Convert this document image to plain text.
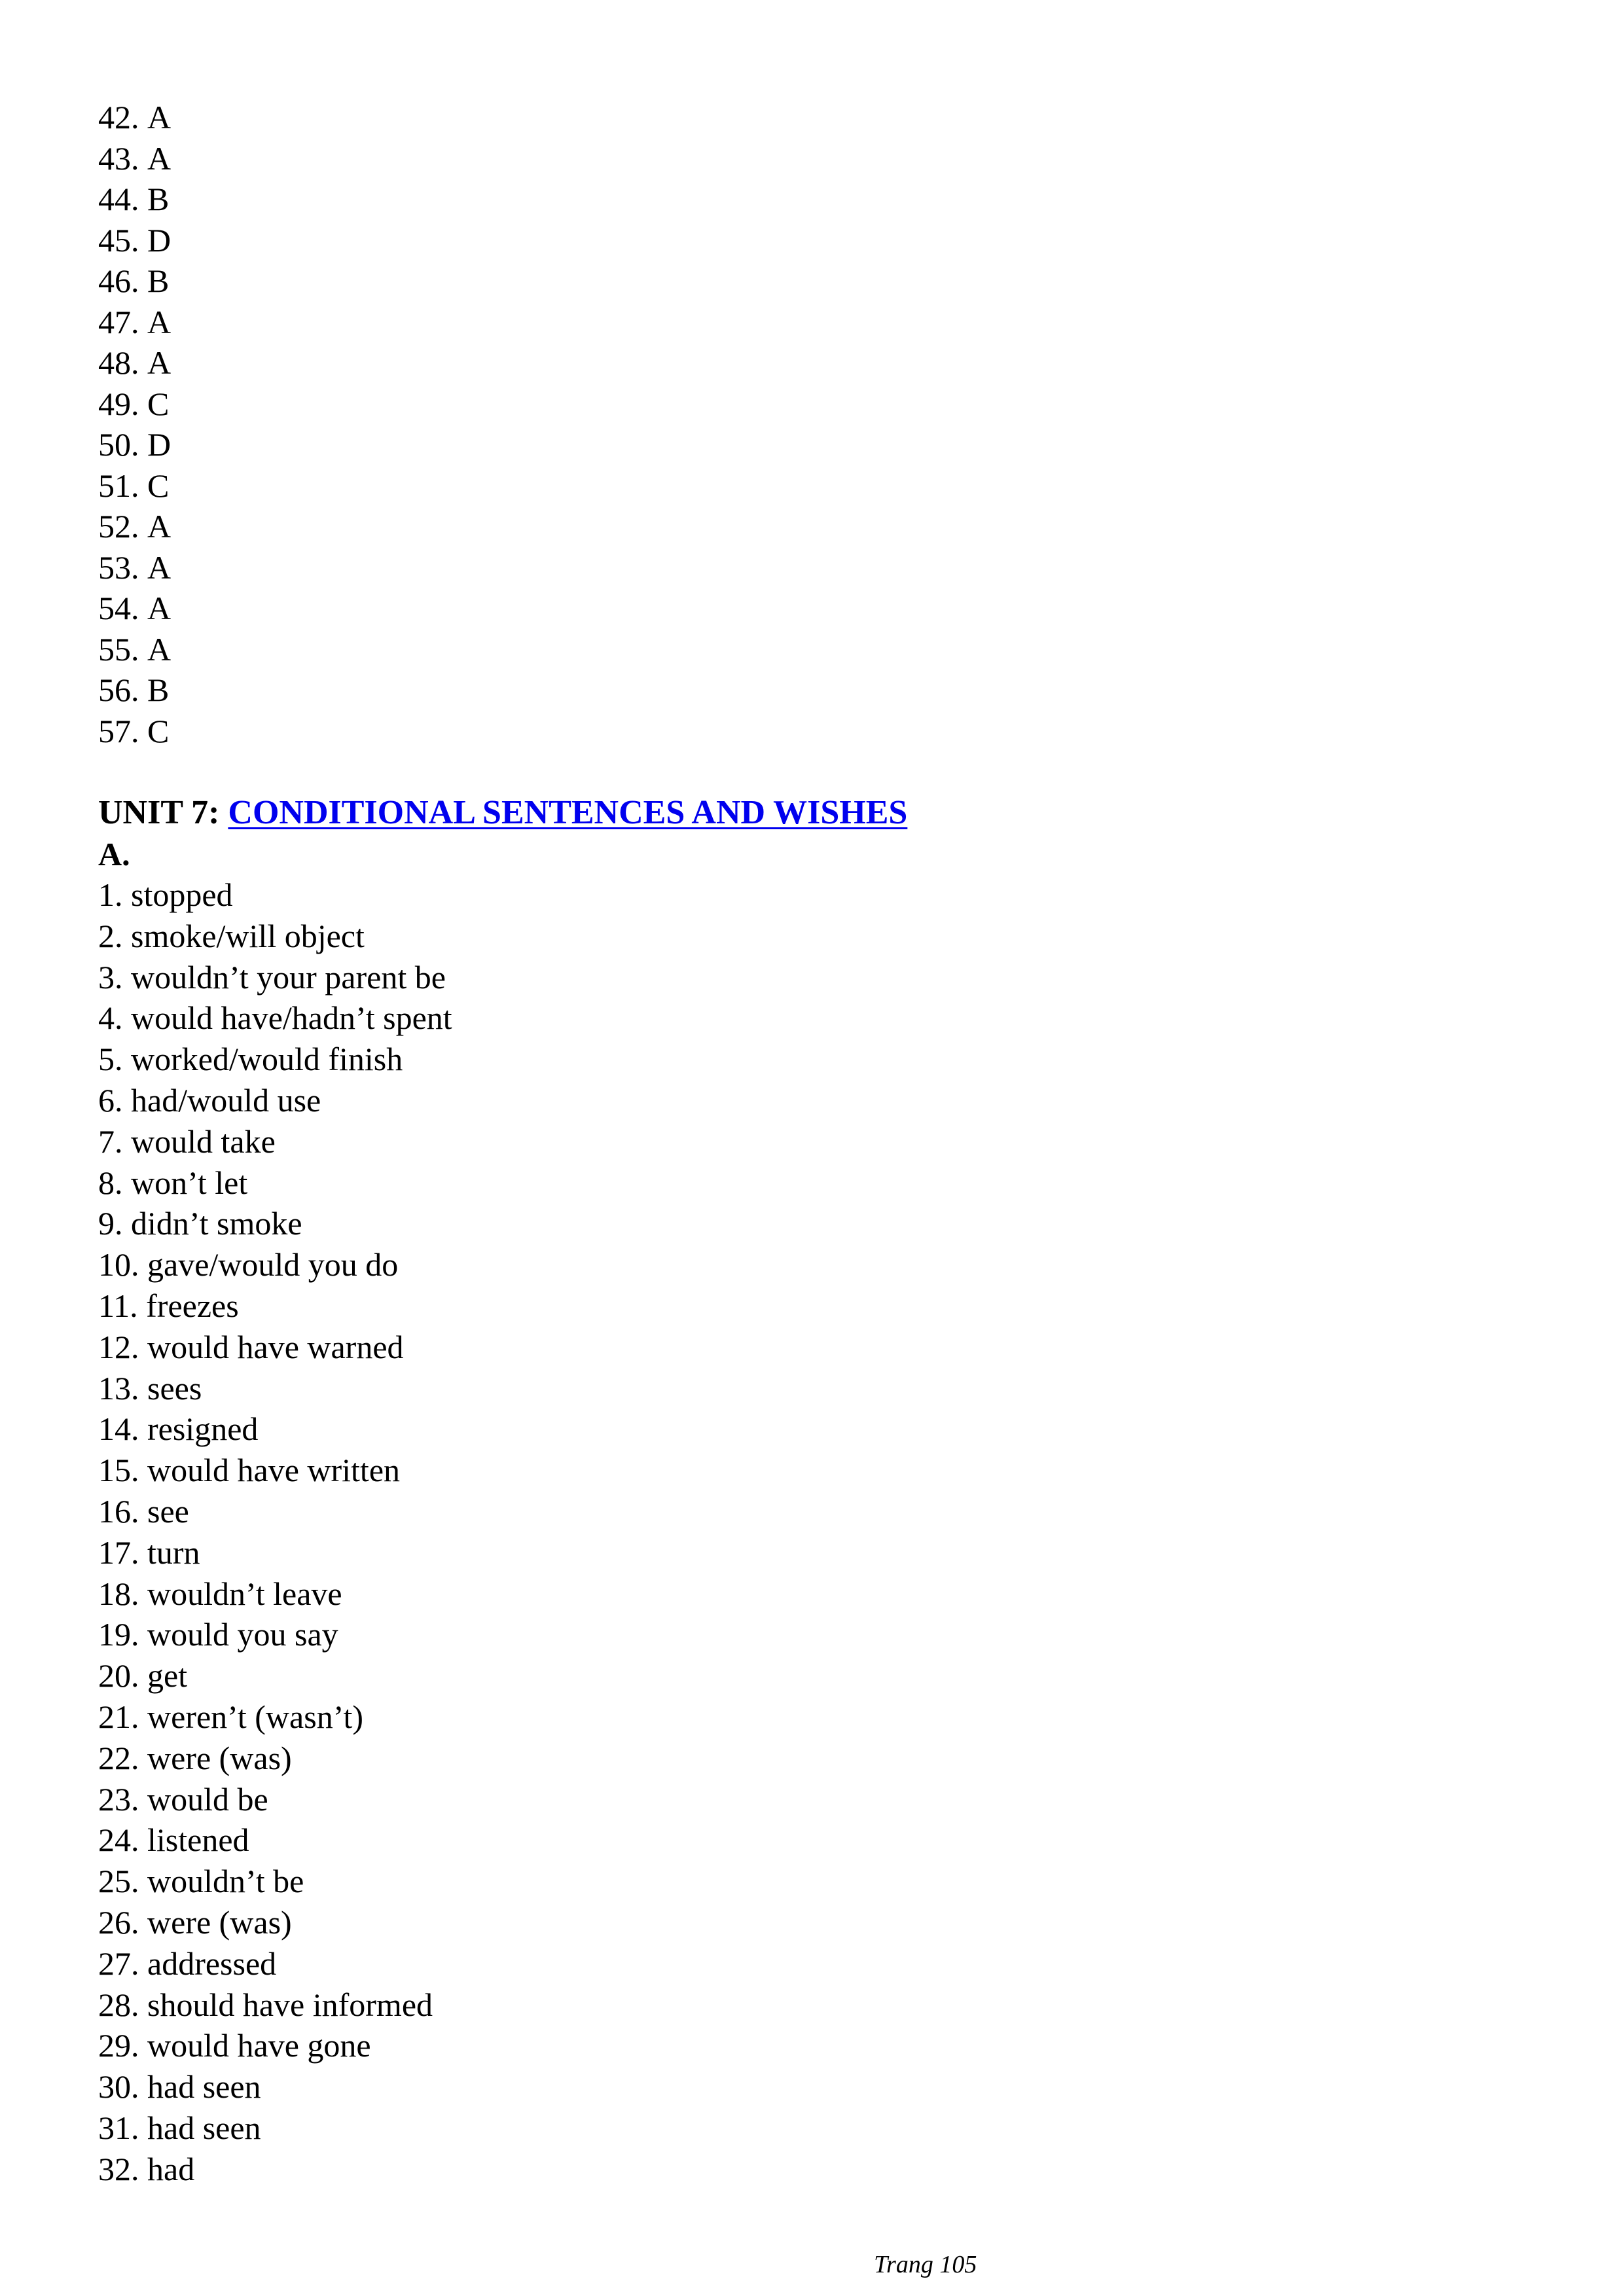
42. A
43. A
44. B
45. D
46. B
47. A
48. A
49. C
50. D
51. C
52. A
53. A
54. A
55. A
56. B
57. C
UNIT 7: CONDITIONAL SENTENCES AND WISHES
A.
1. stopped
2. smoke/will object
3. wouldn’t your parent be
4. would have/hadn’t spent
5. worked/would finish
6. had/would use
7. would take
8. won’t let
9. didn’t smoke
10. gave/would you do
11. freezes
12. would have warned
13. sees
14. resigned
15. would have written
16. see
17. turn
18. wouldn’t leave
19. would you say
20. get
21. weren’t (wasn’t)
22. were (was)
23. would be
24. listened
25. wouldn’t be
26. were (was)
27. addressed
28. should have informed
29. would have gone
30. had seen
31. had seen
32. had
Trang 105
